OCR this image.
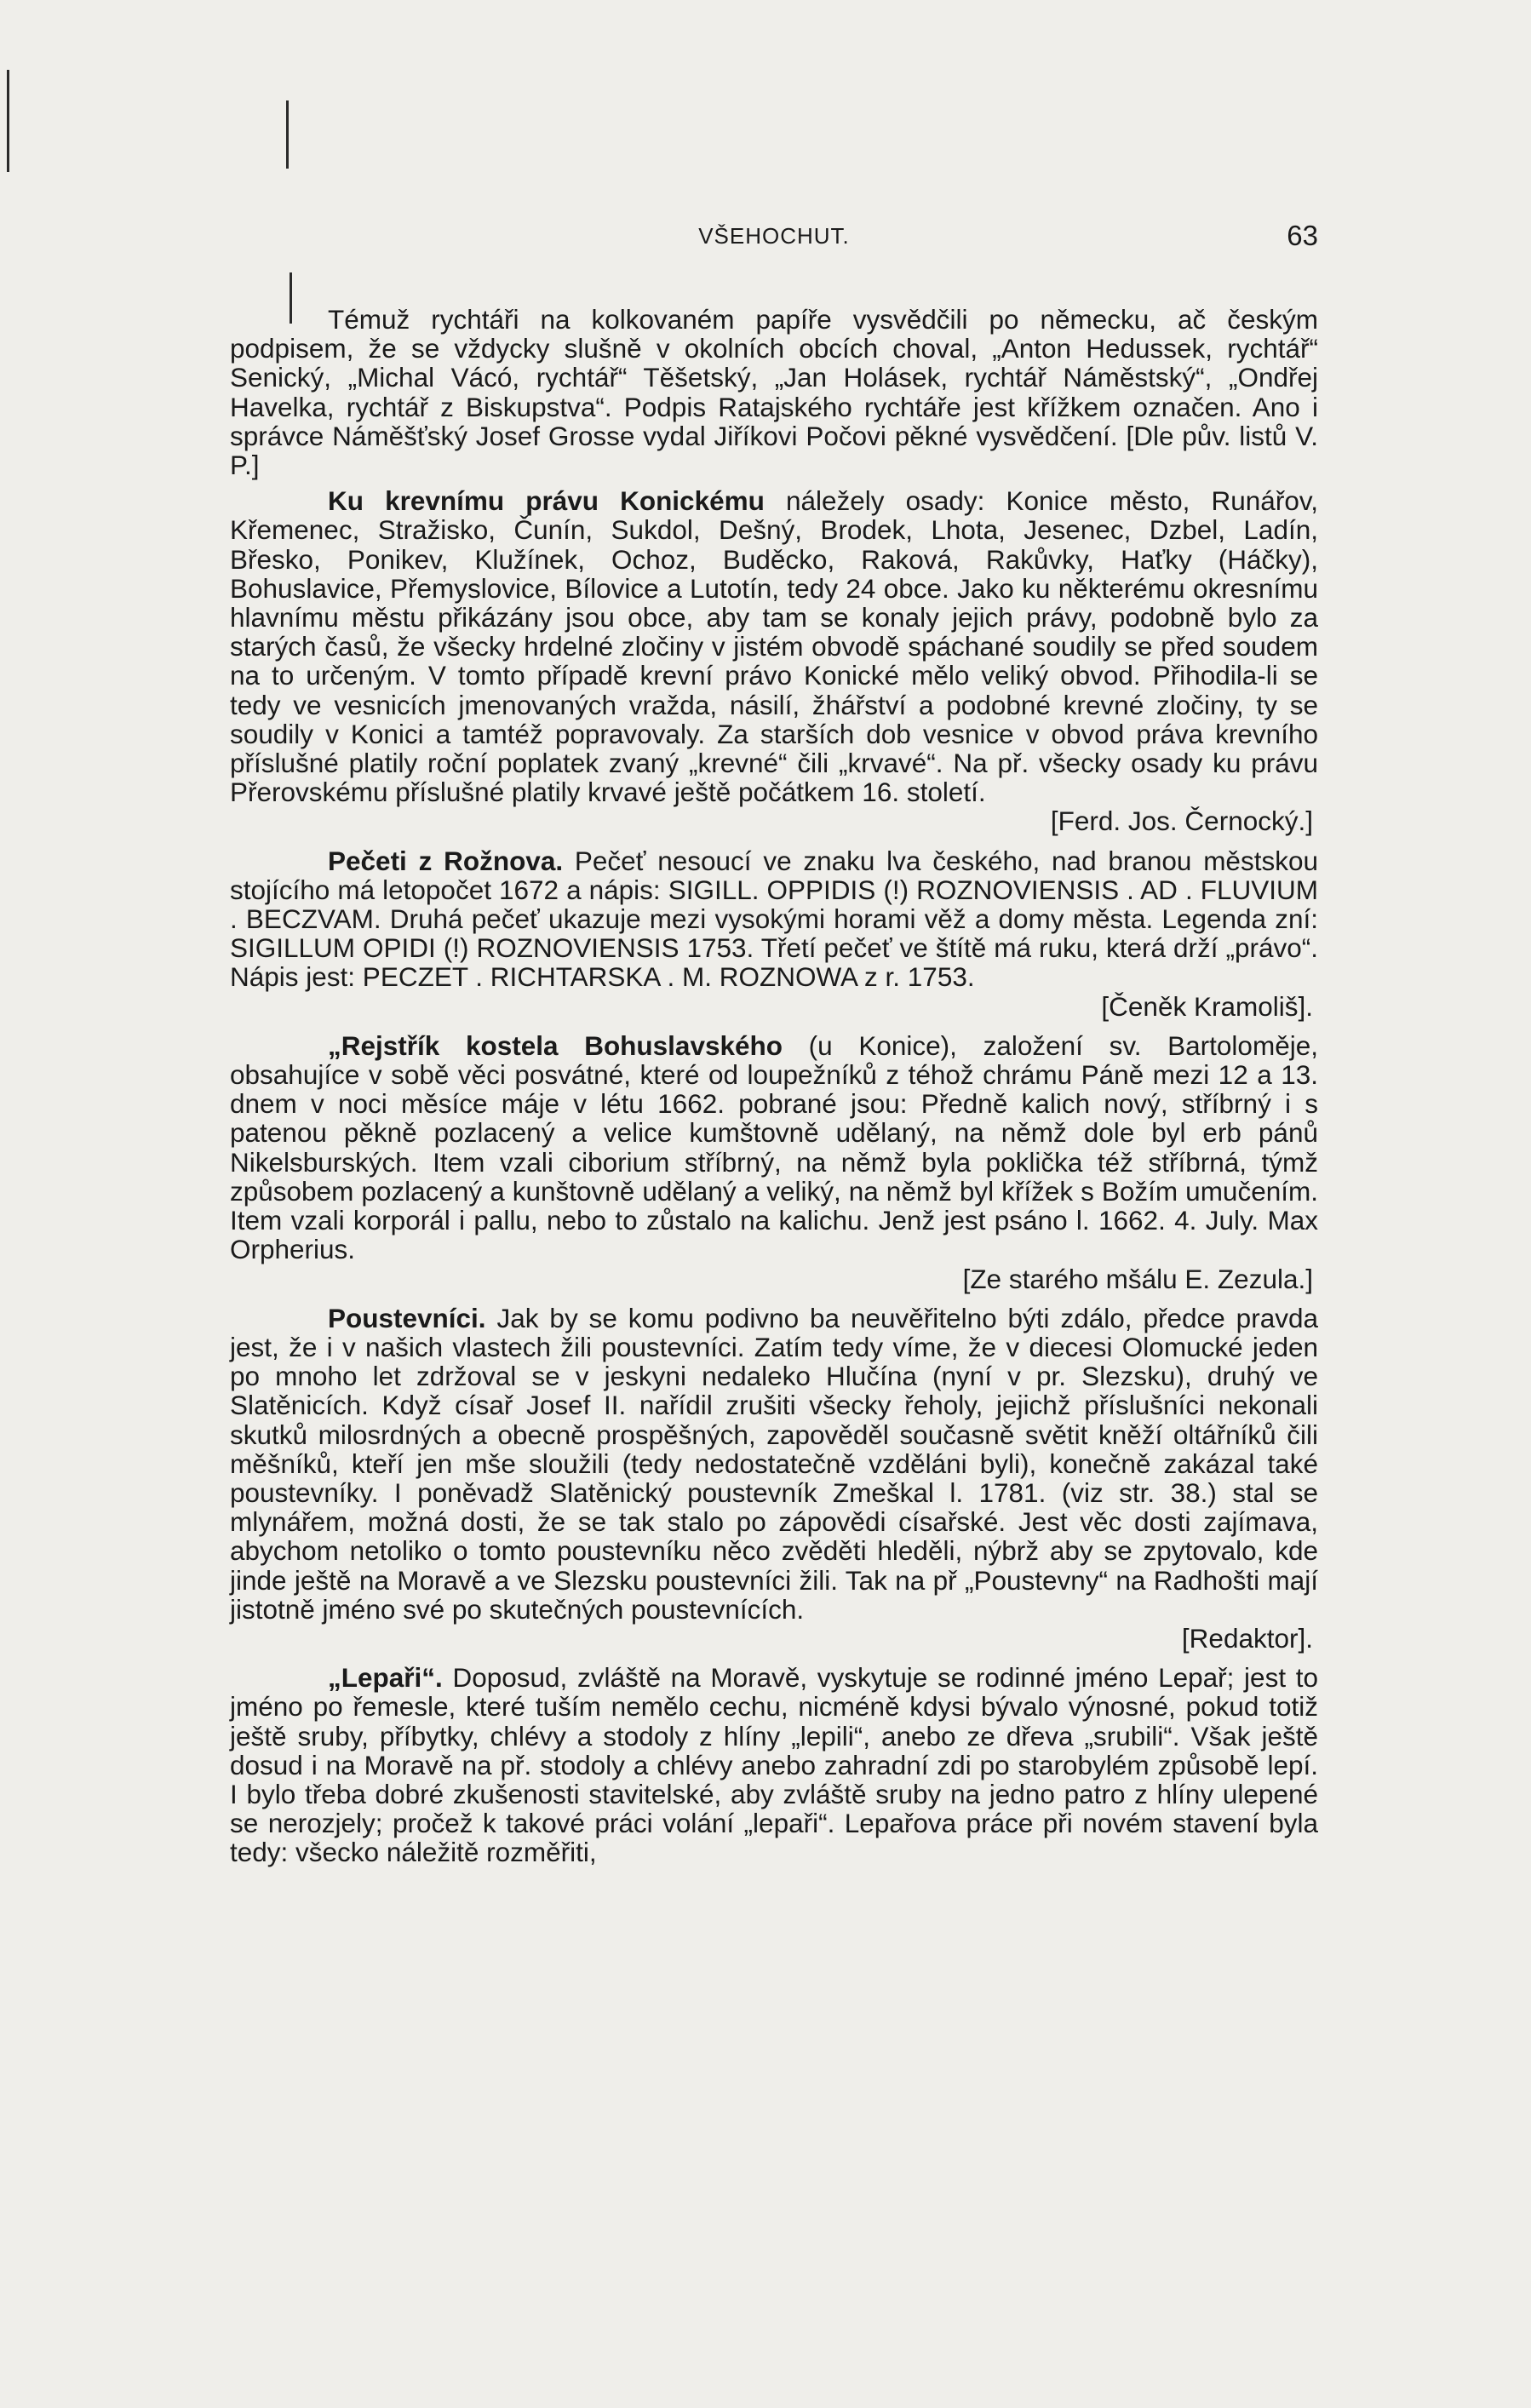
VŠEHOCHUT.	63

Témuž rychtáři na kolkovaném papíře vysvědčili po německu, ač českým podpisem, že se vždycky slušně v okolních obcích choval, „Anton Hedussek, rychtář“ Senický, „Michal Vácó, rychtář“ Těšetský, „Jan Holásek, rychtář Náměstský“, „Ondřej Havelka, rychtář z Biskupstva“. Podpis Ratajského rychtáře jest křížkem označen. Ano i správce Náměšťský Josef Grosse vydal Jiříkovi Počovi pěkné vysvědčení. [Dle pův. listů V. P.]

Ku krevnímu právu Konickému náležely osady: Konice město, Runářov, Křemenec, Stražisko, Čunín, Sukdol, Dešný, Brodek, Lhota, Jesenec, Dzbel, Ladín, Břesko, Ponikev, Klužínek, Ochoz, Buděcko, Raková, Rakůvky, Haťky (Háčky), Bohuslavice, Přemyslovice, Bílovice a Lutotín, tedy 24 obce. Jako ku některému okresnímu hlavnímu městu přikázány jsou obce, aby tam se konaly jejich právy, podobně bylo za starých časů, že všecky hrdelné zločiny v jistém obvodě spáchané soudily se před soudem na to určeným. V tomto případě krevní právo Konické mělo veliký obvod. Přihodila-li se tedy ve vesnicích jmenovaných vražda, násilí, žhářství a podobné krevné zločiny, ty se soudily v Konici a tamtéž popravovaly. Za starších dob vesnice v obvod práva krevního příslušné platily roční poplatek zvaný „krevné“ čili „krvavé“. Na př. všecky osady ku právu Přerovskému příslušné platily krvavé ještě počátkem 16. století.

[Ferd. Jos. Černocký.]

Pečeti z Rožnova. Pečeť nesoucí ve znaku lva českého, nad branou městskou stojícího má letopočet 1672 a nápis: SIGILL. OPPIDIS (!) ROZNOVIENSIS . AD . FLUVIUM . BECZVAM. Druhá pečeť ukazuje mezi vysokými horami věž a domy města. Legenda zní: SIGILLUM OPIDI (!) ROZNOVIENSIS 1753. Třetí pečeť ve štítě má ruku, která drží „právo“. Nápis jest: PECZET . RICHTARSKA . M. ROZNOWA z r. 1753.

[Čeněk Kramoliš].

„Rejstřík kostela Bohuslavského (u Konice), založení sv. Bartoloměje, obsahujíce v sobě věci posvátné, které od loupežníků z téhož chrámu Páně mezi 12 a 13. dnem v noci měsíce máje v létu 1662. pobrané jsou: Předně kalich nový, stříbrný i s patenou pěkně pozlacený a velice kumštovně udělaný, na němž dole byl erb pánů Nikelsburských. Item vzali ciborium stříbrný, na němž byla poklička též stříbrná, týmž způsobem pozlacený a kunštovně udělaný a veliký, na němž byl křížek s Božím umučením. Item vzali korporál i pallu, nebo to zůstalo na kalichu. Jenž jest psáno l. 1662. 4. July. Max Orpherius.

[Ze starého mšálu E. Zezula.]

Poustevníci. Jak by se komu podivno ba neuvěřitelno býti zdálo, předce pravda jest, že i v našich vlastech žili poustevníci. Zatím tedy víme, že v diecesi Olomucké jeden po mnoho let zdržoval se v jeskyni nedaleko Hlučína (nyní v pr. Slezsku), druhý ve Slatěnicích. Když císař Josef II. nařídil zrušiti všecky řeholy, jejichž příslušníci nekonali skutků milosrdných a obecně prospěšných, zapověděl současně světit kněží oltářníků čili měšníků, kteří jen mše sloužili (tedy nedostatečně vzděláni byli), konečně zakázal také poustevníky. I poněvadž Slatěnický poustevník Zmeškal l. 1781. (viz str. 38.) stal se mlynářem, možná dosti, že se tak stalo po zápovědi císařské. Jest věc dosti zajímava, abychom netoliko o tomto poustevníku něco zvěděti hleděli, nýbrž aby se zpytovalo, kde jinde ještě na Moravě a ve Slezsku poustevníci žili. Tak na př „Poustevny“ na Radhošti mají jistotně jméno své po skutečných poustevnících.

[Redaktor].

„Lepaři“. Doposud, zvláště na Moravě, vyskytuje se rodinné jméno Lepař; jest to jméno po řemesle, které tuším nemělo cechu, nicméně kdysi bývalo výnosné, pokud totiž ještě sruby, příbytky, chlévy a stodoly z hlíny „lepili“, anebo ze dřeva „srubili“. Však ještě dosud i na Moravě na př. stodoly a chlévy anebo zahradní zdi po starobylém způsobě lepí. I bylo třeba dobré zkušenosti stavitelské, aby zvláště sruby na jedno patro z hlíny ulepené se nerozjely; pročež k takové práci volání „lepaři“. Lepařova práce při novém stavení byla tedy: všecko náležitě rozměřiti,
